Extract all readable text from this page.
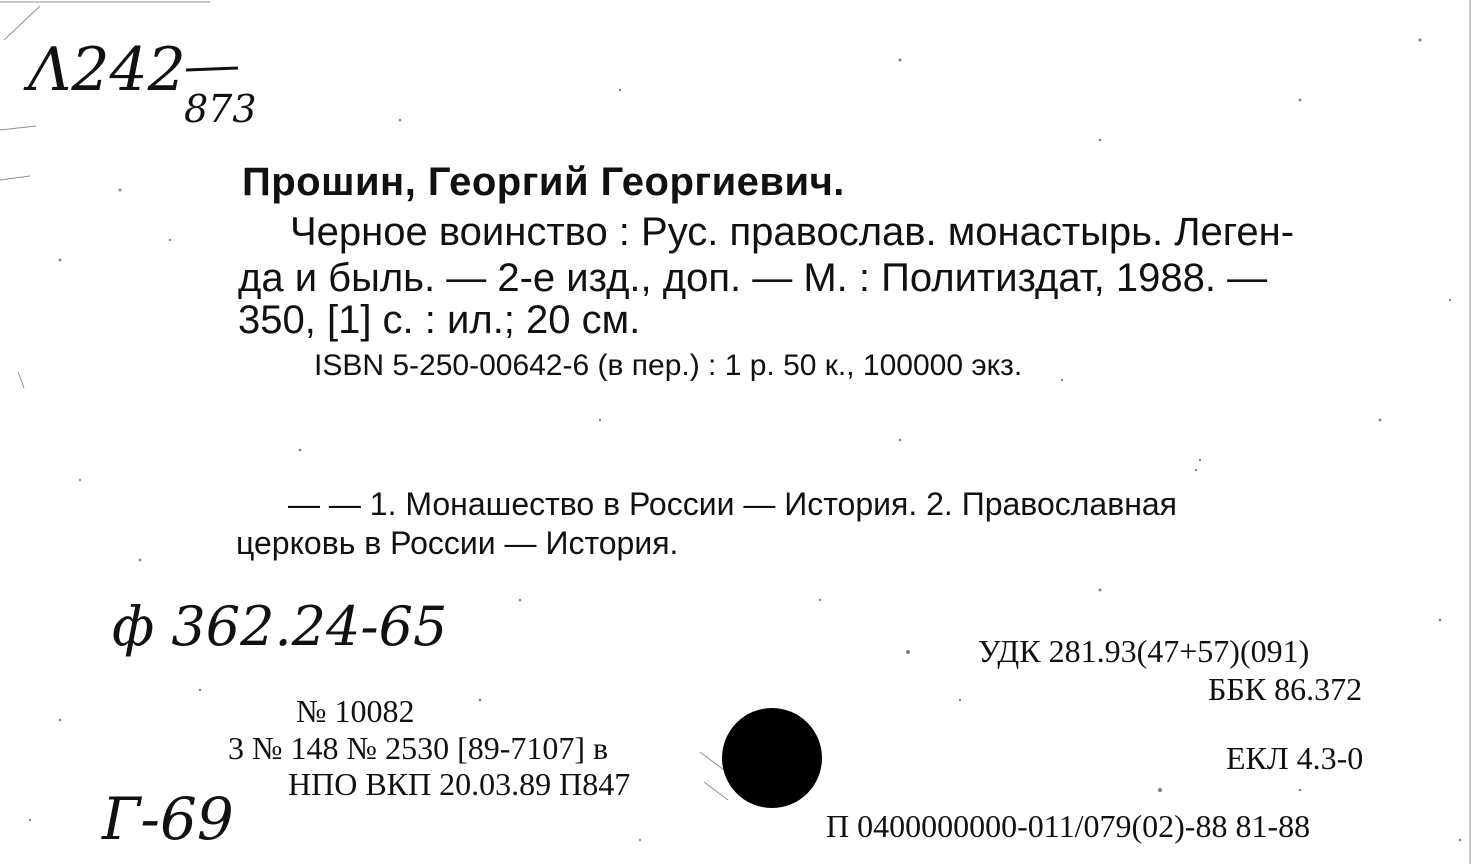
Λ242
873
ф 362.24-65
Г-69
Прошин, Георгий Георгиевич.
Черное воинство : Рус. православ. монастырь. Леген-
да и быль. — 2-е изд., доп. — М. : Политиздат, 1988. —
350, [1] с. : ил.; 20 см.
ISBN 5-250-00642-6 (в пер.) : 1 р. 50 к., 100000 экз.
— — 1. Монашество в России — История. 2. Православная
церковь в России — История.
УДК 281.93(47+57)(091)
ББК 86.372
ЕКЛ 4.3-0
П 0400000000-011/079(02)-88 81-88
№ 10082
3 № 148 № 2530 [89-7107] в
НПО ВКП 20.03.89 П847
